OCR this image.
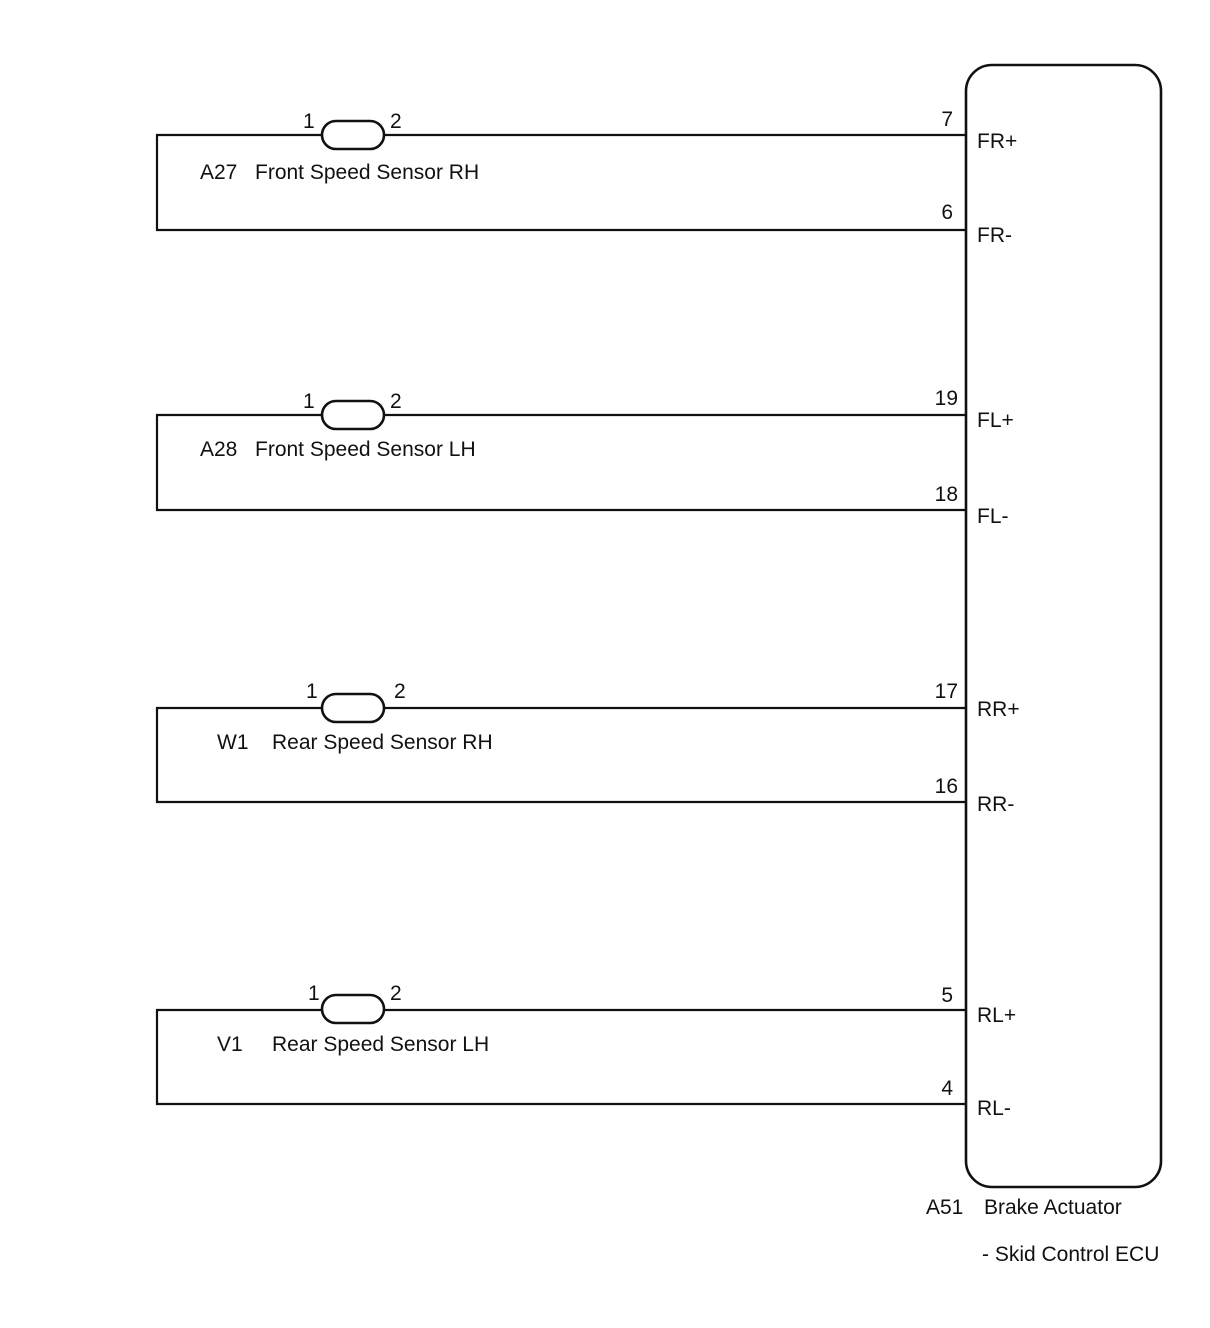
1	2
A27 Front Speed Sensor RH
7
6
FR+
FR-
1	2
A28 Front Speed Sensor LH
19
18
FL+
FL-
1	2
W1 Rear Speed Sensor RH
17
16
RR+
RR-
1	2
V1 Rear Speed Sensor LH
5
4
RL+
RL-
A51 Brake Actuator
- Skid Control ECU
